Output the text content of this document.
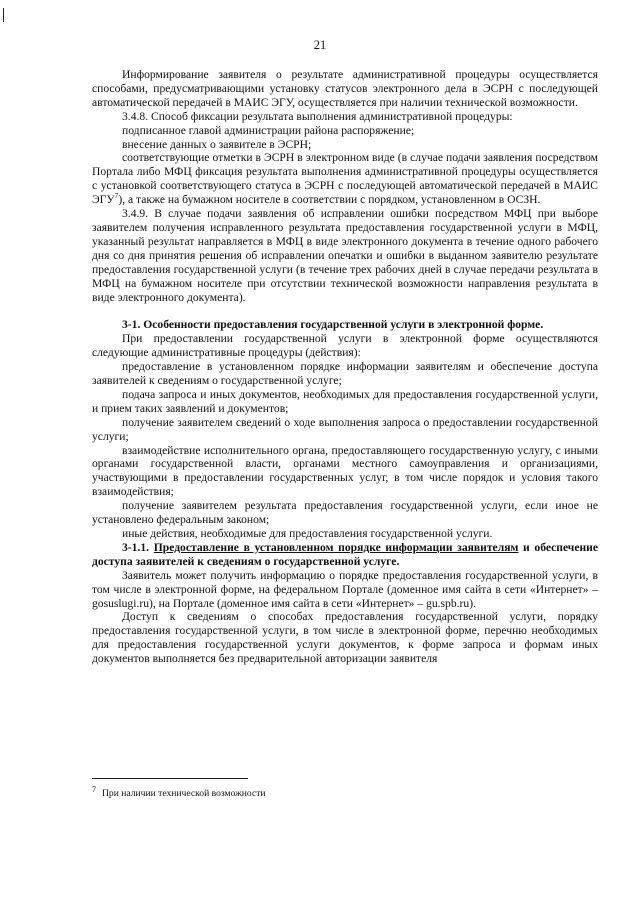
21

Информирование заявителя о результате административной процедуры осуществляется способами, предусматривающими установку статусов электронного дела в ЭСРН с последующей автоматической передачей в МАИС ЭГУ, осуществляется при наличии технической возможности.

3.4.8. Способ фиксации результата выполнения административной процедуры:

подписанное главой администрации района распоряжение;

внесение данных о заявителе в ЭСРН;

соответствующие отметки в ЭСРН в электронном виде (в случае подачи заявления посредством Портала либо МФЦ фиксация результата выполнения административной процедуры осуществляется с установкой соответствующего статуса в ЭСРН с последующей автоматической передачей в МАИС ЭГУ$^7$), а также на бумажном носителе в соответствии с порядком, установленном в ОСЗН.

3.4.9. В случае подачи заявления об исправлении ошибки посредством МФЦ при выборе заявителем получения исправленного результата предоставления государственной услуги в МФЦ, указанный результат направляется в МФЦ в виде электронного документа в течение одного рабочего дня со дня принятия решения об исправлении опечатки и ошибки в выданном заявителю результате предоставления государственной услуги (в течение трех рабочих дней в случае передачи результата в МФЦ на бумажном носителе при отсутствии технической возможности направления результата в виде электронного документа).

3-1. Особенности предоставления государственной услуги в электронной форме.

При предоставлении государственной услуги в электронной форме осуществляются следующие административные процедуры (действия):

предоставление в установленном порядке информации заявителям и обеспечение доступа заявителей к сведениям о государственной услуге;

подача запроса и иных документов, необходимых для предоставления государственной услуги, и прием таких заявлений и документов;

получение заявителем сведений о ходе выполнения запроса о предоставлении государственной услуги;

взаимодействие исполнительного органа, предоставляющего государственную услугу, с иными органами государственной власти, органами местного самоуправления и организациями, участвующими в предоставлении государственных услуг, в том числе порядок и условия такого взаимодействия;

получение заявителем результата предоставления государственной услуги, если иное не установлено федеральным законом;

иные действия, необходимые для предоставления государственной услуги.

3-1.1. Предоставление в установленном порядке информации заявителям и обеспечение доступа заявителей к сведениям о государственной услуге.

Заявитель может получить информацию о порядке предоставления государственной услуги, в том числе в электронной форме, на федеральном Портале (доменное имя сайта в сети «Интернет» – gosuslugi.ru), на Портале (доменное имя сайта в сети «Интернет» – gu.spb.ru).

Доступ к сведениям о способах предоставления государственной услуги, порядку предоставления государственной услуги, в том числе в электронной форме, перечню необходимых для предоставления государственной услуги документов, к форме запроса и формам иных документов выполняется без предварительной авторизации заявителя

$^7$ При наличии технической возможности
